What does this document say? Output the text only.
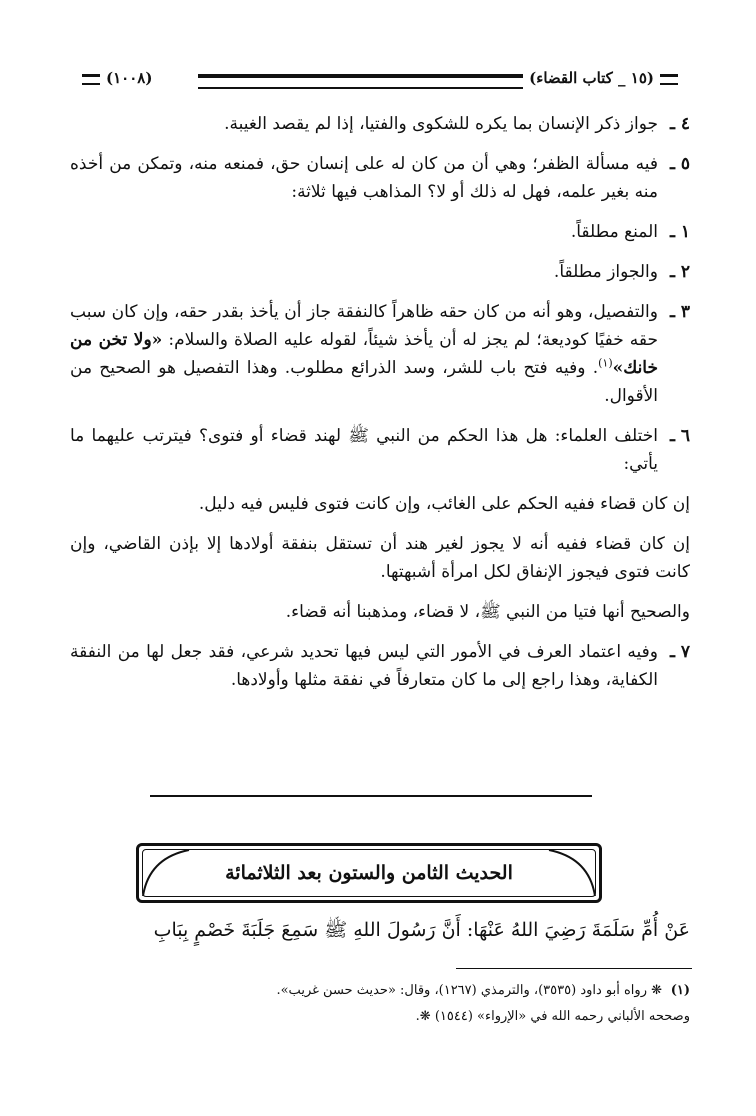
(١٠٠٨)	(١٥ _ كتاب القضاء)
٤ ـ
جواز ذكر الإنسان بما يكره للشكوى والفتيا، إذا لم يقصد الغيبة.
٥ ـ
فيه مسألة الظفر؛ وهي أن من كان له على إنسان حق، فمنعه منه، وتمكن من أخذه منه بغير علمه، فهل له ذلك أو لا؟ المذاهب فيها ثلاثة:
١ ـ
المنع مطلقاً.
٢ ـ
والجواز مطلقاً.
٣ ـ
والتفصيل، وهو أنه من كان حقه ظاهراً كالنفقة جاز أن يأخذ بقدر حقه، وإن كان سبب حقه خفيًا كوديعة؛ لم يجز له أن يأخذ شيئاً، لقوله عليه الصلاة والسلام: «ولا تخن من خانك»$^{(١)}$. وفيه فتح باب للشر، وسد الذرائع مطلوب. وهذا التفصيل هو الصحيح من الأقوال.
٦ ـ
اختلف العلماء: هل هذا الحكم من النبي ﷺ لهند قضاء أو فتوى؟ فيترتب عليهما ما يأتي:

إن كان قضاء ففيه الحكم على الغائب، وإن كانت فتوى فليس فيه دليل.

إن كان قضاء ففيه أنه لا يجوز لغير هند أن تستقل بنفقة أولادها إلا بإذن القاضي، وإن كانت فتوى فيجوز الإنفاق لكل امرأة أشبهتها.

والصحيح أنها فتيا من النبي ﷺ، لا قضاء، ومذهبنا أنه قضاء.

٧ ـ
وفيه اعتماد العرف في الأمور التي ليس فيها تحديد شرعي، فقد جعل لها من النفقة الكفاية، وهذا راجع إلى ما كان متعارفاً في نفقة مثلها وأولادها.
الحديث الثامن والستون بعد الثلاثمائة
عَنْ أُمِّ سَلَمَةَ رَضِيَ اللهُ عَنْهَا: أَنَّ رَسُولَ اللهِ ﷺ سَمِعَ جَلَبَةَ خَصْمٍ بِبَابِ
(١)❋ رواه أبو داود (٣٥٣٥)، والترمذي (١٢٦٧)، وقال: «حديث حسن غريب».
وصححه الألباني رحمه الله في «الإرواء» (١٥٤٤) ❋.
